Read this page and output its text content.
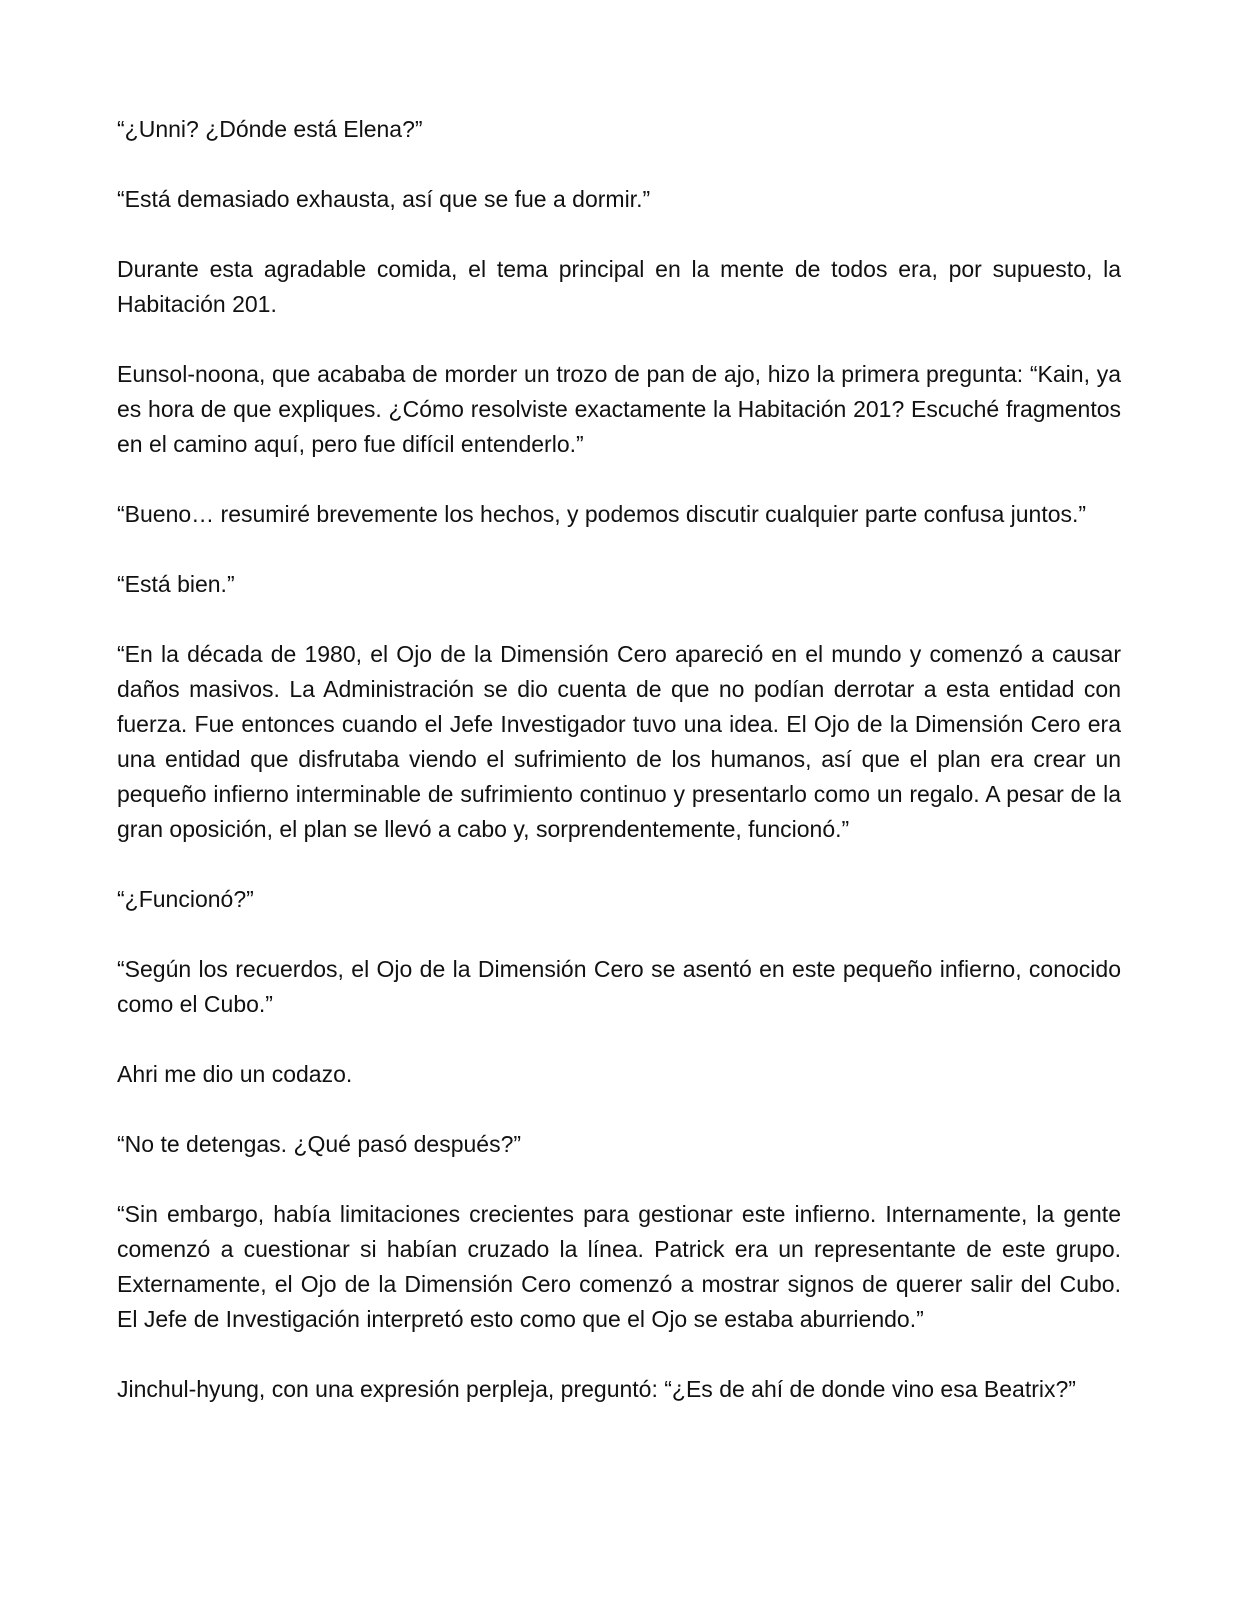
“¿Unni? ¿Dónde está Elena?”

“Está demasiado exhausta, así que se fue a dormir.”

Durante esta agradable comida, el tema principal en la mente de todos era, por supuesto, la Habitación 201.

Eunsol-noona, que acababa de morder un trozo de pan de ajo, hizo la primera pregunta: “Kain, ya es hora de que expliques. ¿Cómo resolviste exactamente la Habitación 201? Escuché fragmentos en el camino aquí, pero fue difícil entenderlo.”

“Bueno… resumiré brevemente los hechos, y podemos discutir cualquier parte confusa juntos.”

“Está bien.”

“En la década de 1980, el Ojo de la Dimensión Cero apareció en el mundo y comenzó a causar daños masivos. La Administración se dio cuenta de que no podían derrotar a esta entidad con fuerza. Fue entonces cuando el Jefe Investigador tuvo una idea. El Ojo de la Dimensión Cero era una entidad que disfrutaba viendo el sufrimiento de los humanos, así que el plan era crear un pequeño infierno interminable de sufrimiento continuo y presentarlo como un regalo. A pesar de la gran oposición, el plan se llevó a cabo y, sorprendentemente, funcionó.”

“¿Funcionó?”

“Según los recuerdos, el Ojo de la Dimensión Cero se asentó en este pequeño infierno, conocido como el Cubo.”

Ahri me dio un codazo.

“No te detengas. ¿Qué pasó después?”

“Sin embargo, había limitaciones crecientes para gestionar este infierno. Internamente, la gente comenzó a cuestionar si habían cruzado la línea. Patrick era un representante de este grupo. Externamente, el Ojo de la Dimensión Cero comenzó a mostrar signos de querer salir del Cubo. El Jefe de Investigación interpretó esto como que el Ojo se estaba aburriendo.”

Jinchul-hyung, con una expresión perpleja, preguntó: “¿Es de ahí de donde vino esa Beatrix?”
